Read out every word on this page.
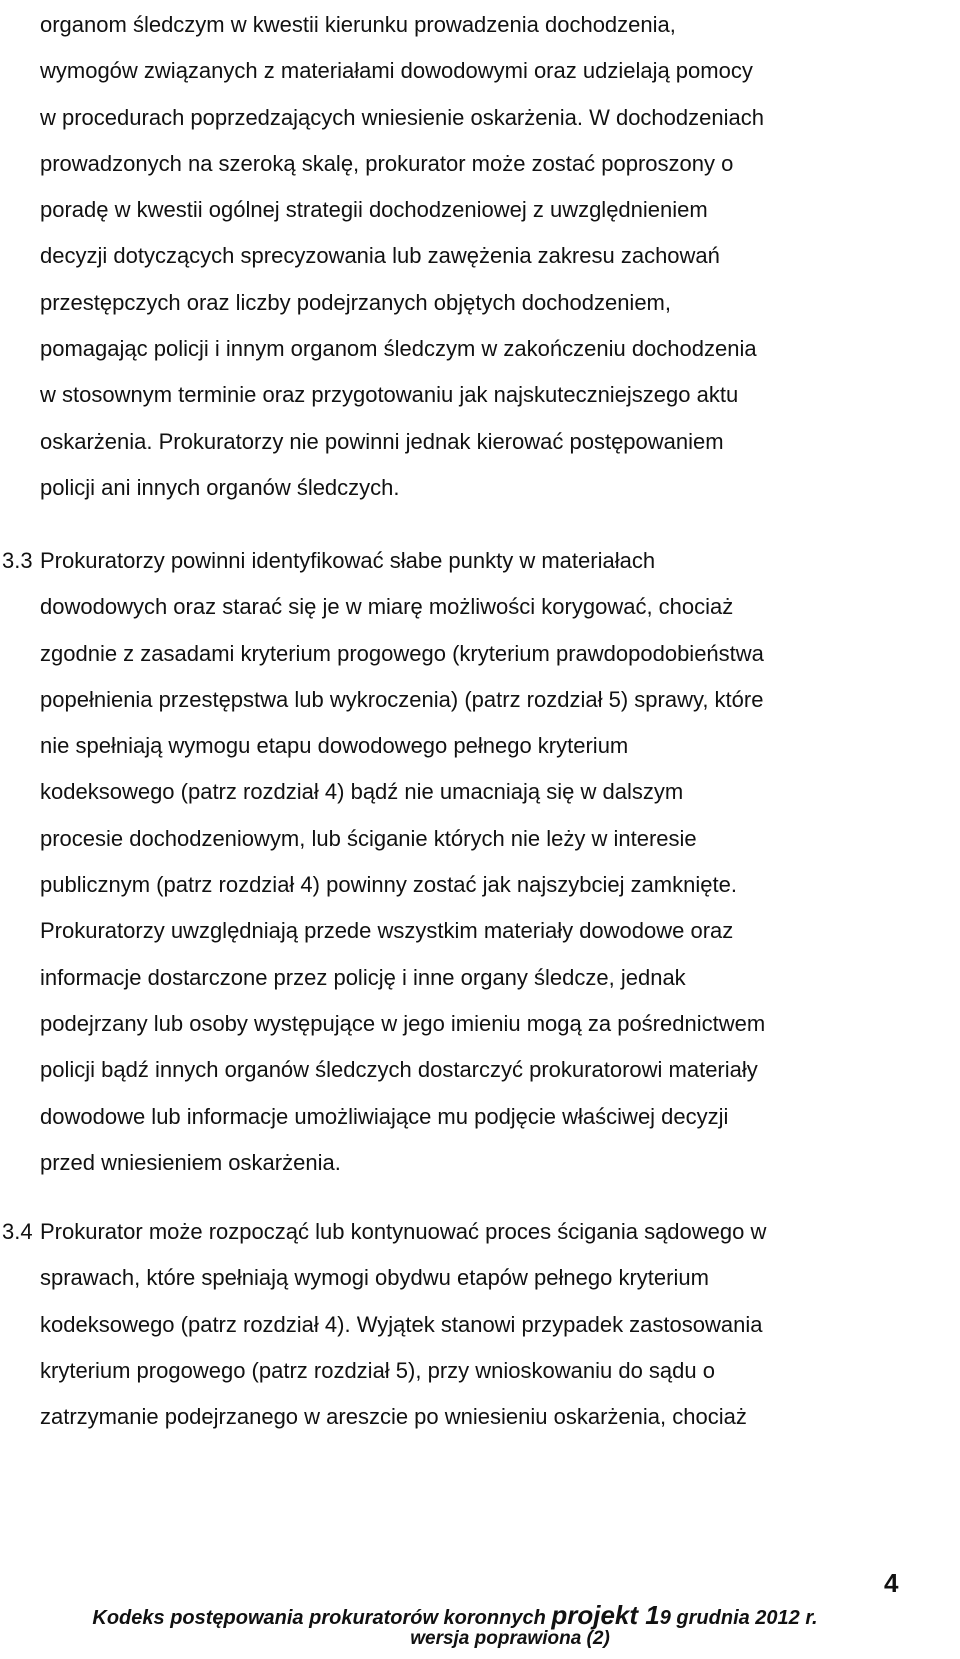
organom śledczym w kwestii kierunku prowadzenia dochodzenia,
wymogów związanych z materiałami dowodowymi oraz udzielają pomocy
w procedurach poprzedzających wniesienie oskarżenia. W dochodzeniach
prowadzonych na szeroką skalę, prokurator może zostać poproszony o
poradę w kwestii ogólnej strategii dochodzeniowej z uwzględnieniem
decyzji dotyczących sprecyzowania lub zawężenia zakresu zachowań
przestępczych oraz liczby podejrzanych objętych dochodzeniem,
pomagając policji i innym organom śledczym w zakończeniu dochodzenia
w stosownym terminie oraz przygotowaniu jak najskuteczniejszego aktu
oskarżenia. Prokuratorzy nie powinni jednak kierować postępowaniem
policji ani innych organów śledczych.
3.3 Prokuratorzy powinni identyfikować słabe punkty w materiałach
dowodowych oraz starać się je w miarę możliwości korygować, chociaż
zgodnie z zasadami kryterium progowego (kryterium prawdopodobieństwa
popełnienia przestępstwa lub wykroczenia) (patrz rozdział 5) sprawy, które
nie spełniają wymogu etapu dowodowego pełnego kryterium
kodeksowego (patrz rozdział 4) bądź nie umacniają się w dalszym
procesie dochodzeniowym, lub ściganie których nie leży w interesie
publicznym (patrz rozdział 4) powinny zostać jak najszybciej zamknięte.
Prokuratorzy uwzględniają przede wszystkim materiały dowodowe oraz
informacje dostarczone przez policję i inne organy śledcze, jednak
podejrzany lub osoby występujące w jego imieniu mogą za pośrednictwem
policji bądź innych organów śledczych dostarczyć prokuratorowi materiały
dowodowe lub informacje umożliwiające mu podjęcie właściwej decyzji
przed wniesieniem oskarżenia.
3.4 Prokurator może rozpocząć lub kontynuować proces ścigania sądowego w
sprawach, które spełniają wymogi obydwu etapów pełnego kryterium
kodeksowego (patrz rozdział 4). Wyjątek stanowi przypadek zastosowania
kryterium progowego (patrz rozdział 5), przy wnioskowaniu do sądu o
zatrzymanie podejrzanego w areszcie po wniesieniu oskarżenia, chociaż
4
Kodeks postępowania prokuratorów koronnych projekt 19 grudnia 2012 r.
wersja poprawiona (2)
